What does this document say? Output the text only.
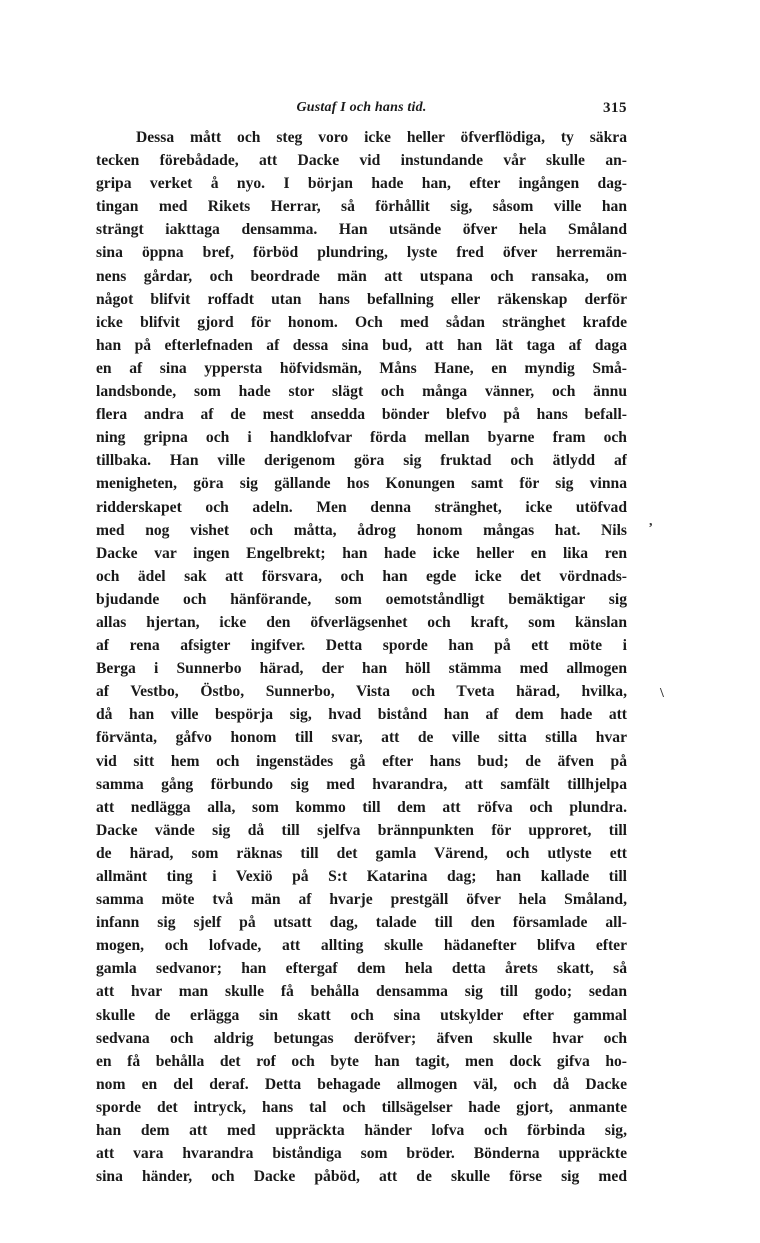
Gustaf I och hans tid.	315
Dessa mått och steg voro icke heller öfverflödiga, ty säkra
tecken förebådade, att Dacke vid instundande vår skulle an-
gripa verket å nyo. I början hade han, efter ingången dag-
tingan med Rikets Herrar, så förhållit sig, såsom ville han
strängt iakttaga densamma. Han utsände öfver hela Småland
sina öppna bref, förböd plundring, lyste fred öfver herremän-
nens gårdar, och beordrade män att utspana och ransaka, om
något blifvit roffadt utan hans befallning eller räkenskap derför
icke blifvit gjord för honom. Och med sådan stränghet krafde
han på efterlefnaden af dessa sina bud, att han lät taga af daga
en af sina yppersta höfvidsmän, Måns Hane, en myndig Små-
landsbonde, som hade stor slägt och många vänner, och ännu
flera andra af de mest ansedda bönder blefvo på hans befall-
ning gripna och i handklofvar förda mellan byarne fram och
tillbaka. Han ville derigenom göra sig fruktad och ätlydd af
menigheten, göra sig gällande hos Konungen samt för sig vinna
ridderskapet och adeln. Men denna stränghet, icke utöfvad
med nog vishet och måtta, ådrog honom mångas hat. Nils
Dacke var ingen Engelbrekt; han hade icke heller en lika ren
och ädel sak att försvara, och han egde icke det vördnads-
bjudande och hänförande, som oemotståndligt bemäktigar sig
allas hjertan, icke den öfverlägsenhet och kraft, som känslan
af rena afsigter ingifver. Detta sporde han på ett möte i
Berga i Sunnerbo härad, der han höll stämma med allmogen
af Vestbo, Östbo, Sunnerbo, Vista och Tveta härad, hvilka,
då han ville bespörja sig, hvad bistånd han af dem hade att
förvänta, gåfvo honom till svar, att de ville sitta stilla hvar
vid sitt hem och ingenstädes gå efter hans bud; de äfven på
samma gång förbundo sig med hvarandra, att samfält tillhjelpa
att nedlägga alla, som kommo till dem att röfva och plundra.
Dacke vände sig då till sjelfva brännpunkten för upproret, till
de härad, som räknas till det gamla Värend, och utlyste ett
allmänt ting i Vexiö på S:t Katarina dag; han kallade till
samma möte två män af hvarje prestgäll öfver hela Småland,
infann sig sjelf på utsatt dag, talade till den församlade all-
mogen, och lofvade, att allting skulle hädanefter blifva efter
gamla sedvanor; han eftergaf dem hela detta årets skatt, så
att hvar man skulle få behålla densamma sig till godo; sedan
skulle de erlägga sin skatt och sina utskylder efter gammal
sedvana och aldrig betungas deröfver; äfven skulle hvar och
en få behålla det rof och byte han tagit, men dock gifva ho-
nom en del deraf. Detta behagade allmogen väl, och då Dacke
sporde det intryck, hans tal och tillsägelser hade gjort, anmante
han dem att med uppräckta händer lofva och förbinda sig,
att vara hvarandra biståndiga som bröder. Bönderna uppräckte
sina händer, och Dacke påböd, att de skulle förse sig med
,
\
